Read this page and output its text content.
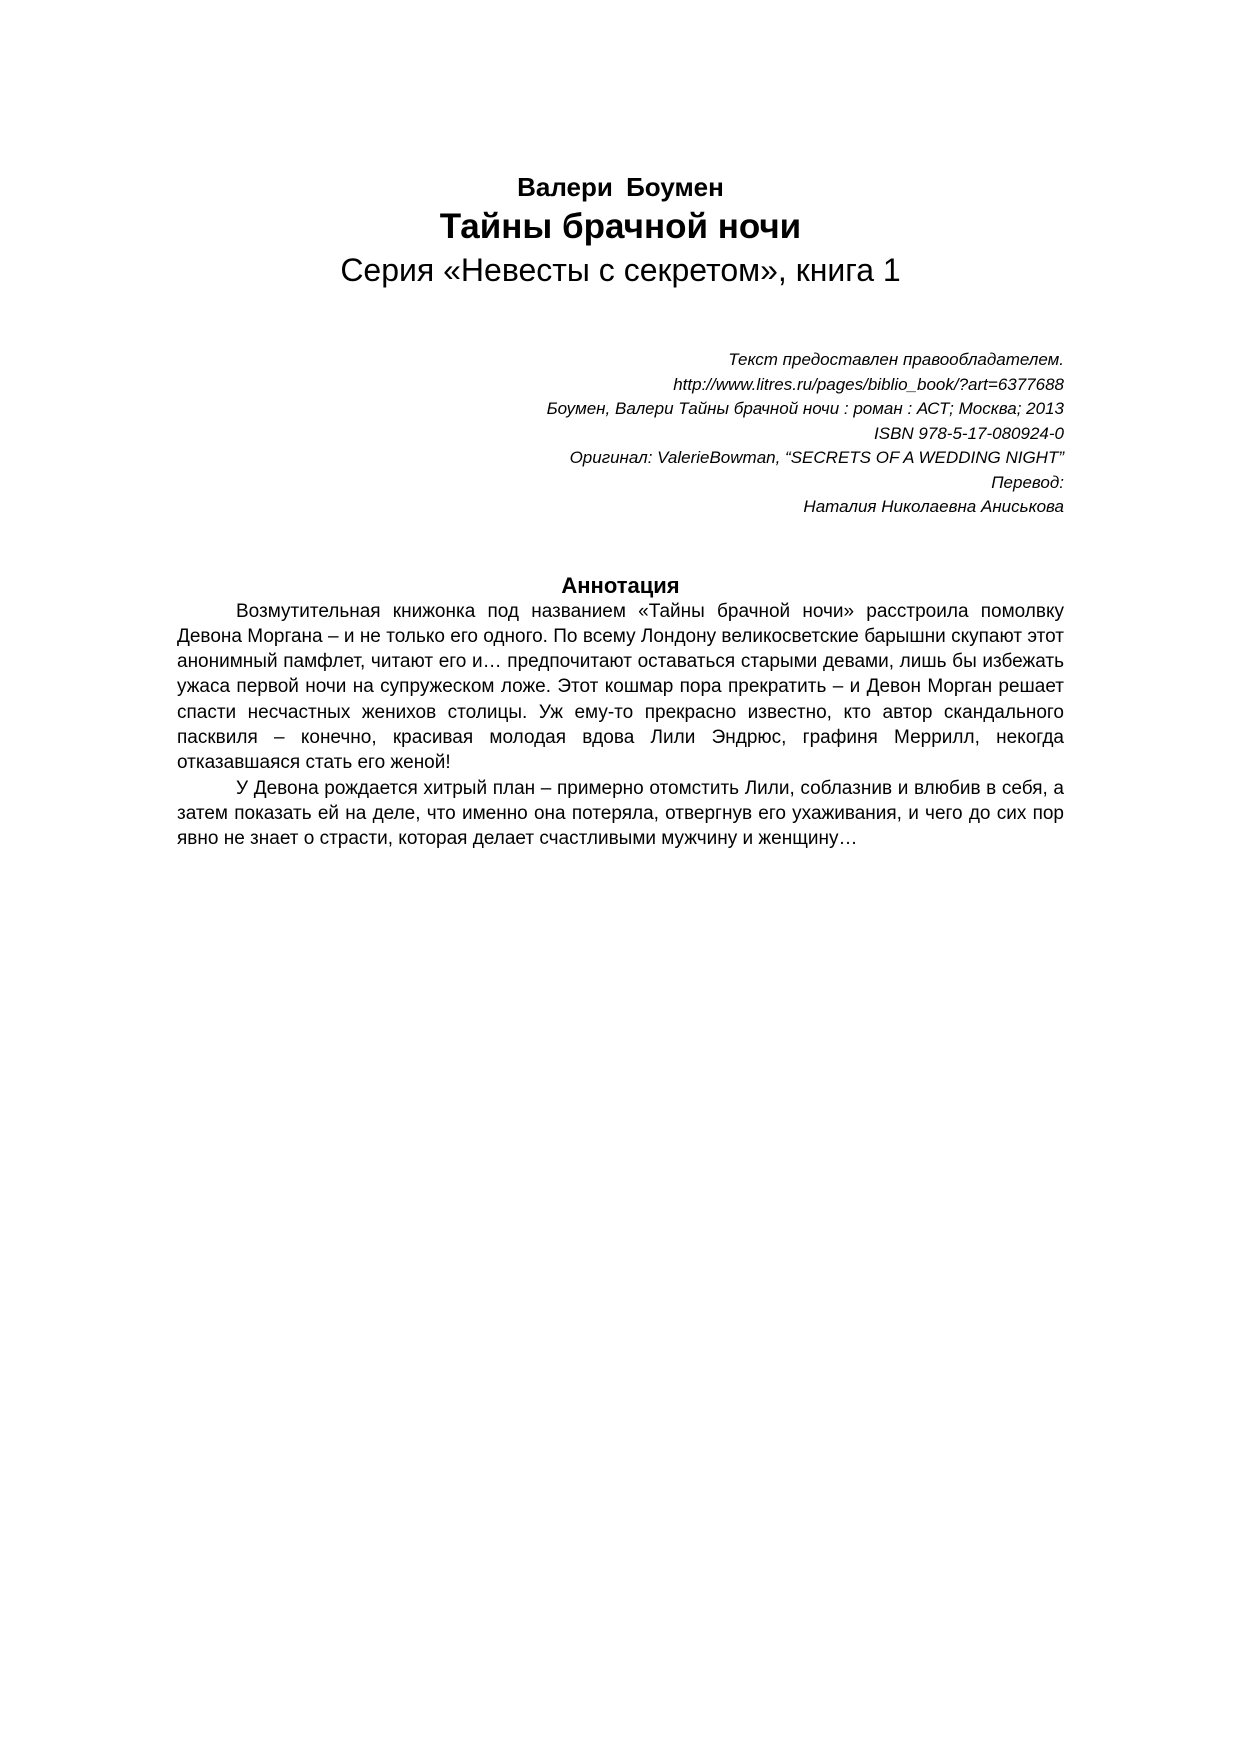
Валери Боумен
Тайны брачной ночи
Серия «Невесты с секретом», книга 1
Текст предоставлен правообладателем.
http://www.litres.ru/pages/biblio_book/?art=6377688
Боумен, Валери Тайны брачной ночи : роман : АСТ; Москва; 2013
ISBN 978-5-17-080924-0
Оригинал: ValerieBowman, “SECRETS OF A WEDDING NIGHT”
Перевод:
Наталия Николаевна Аниськова
Аннотация

Возмутительная книжонка под названием «Тайны брачной ночи» расстроила помолвку Девона Моргана – и не только его одного. По всему Лондону великосветские барышни скупают этот анонимный памфлет, читают его и… предпочитают оставаться старыми девами, лишь бы избежать ужаса первой ночи на супружеском ложе. Этот кошмар пора прекратить – и Девон Морган решает спасти несчастных женихов столицы. Уж ему-то прекрасно известно, кто автор скандального пасквиля – конечно, красивая молодая вдова Лили Эндрюс, графиня Меррилл, некогда отказавшаяся стать его женой!

У Девона рождается хитрый план – примерно отомстить Лили, соблазнив и влюбив в себя, а затем показать ей на деле, что именно она потеряла, отвергнув его ухаживания, и чего до сих пор явно не знает о страсти, которая делает счастливыми мужчину и женщину…
